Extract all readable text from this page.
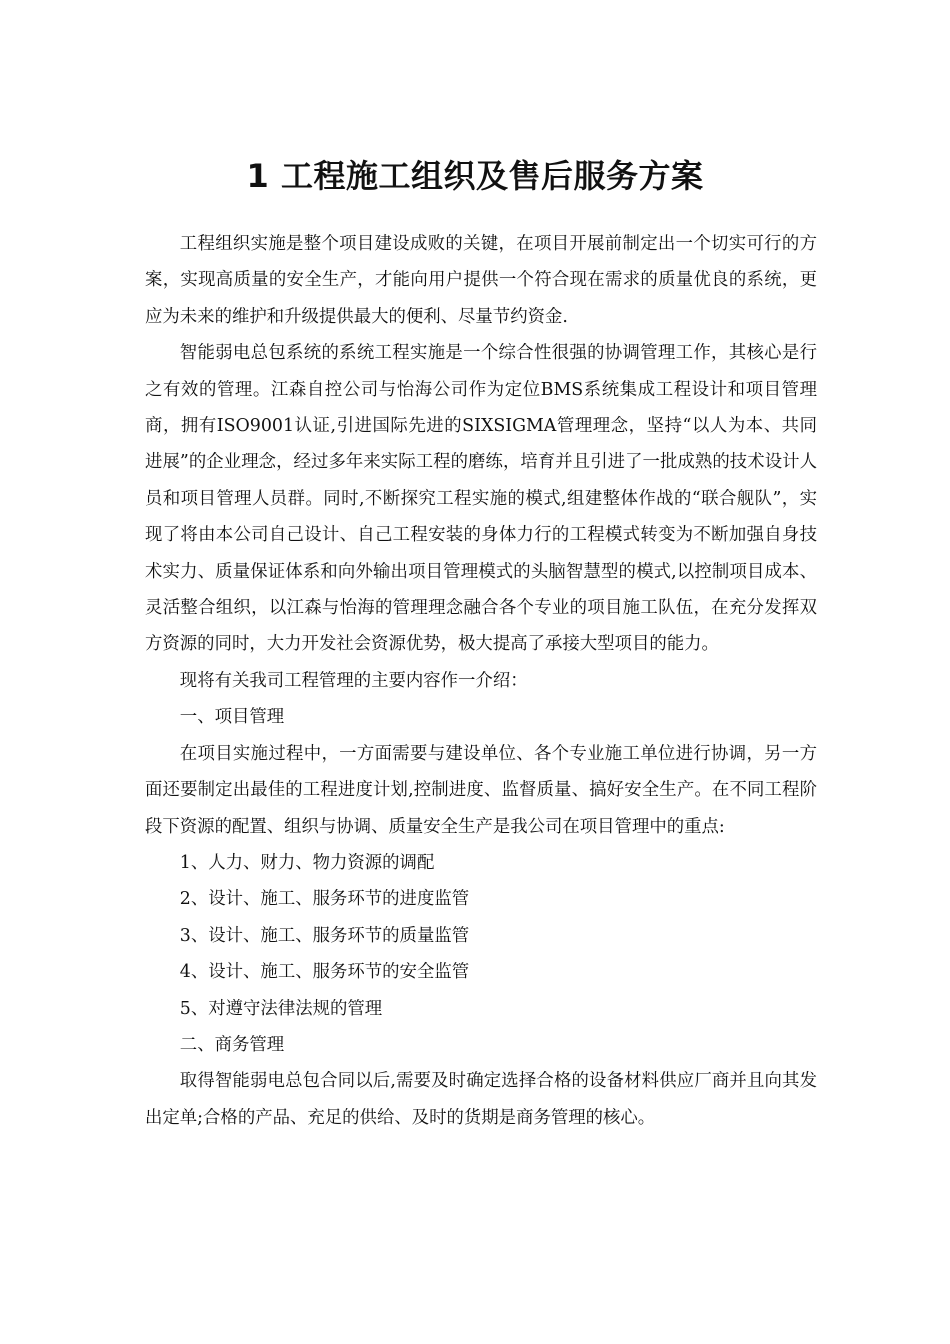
1 工程施工组织及售后服务方案

工程组织实施是整个项目建设成败的关键，在项目开展前制定出一个切实可行的方案，实现高质量的安全生产，才能向用户提供一个符合现在需求的质量优良的系统，更应为未来的维护和升级提供最大的便利、尽量节约资金.

智能弱电总包系统的系统工程实施是一个综合性很强的协调管理工作，其核心是行之有效的管理。江森自控公司与怡海公司作为定位BMS系统集成工程设计和项目管理商，拥有ISO9001认证,引进国际先进的SIXSIGMA管理理念，坚持“以人为本、共同进展”的企业理念，经过多年来实际工程的磨练，培育并且引进了一批成熟的技术设计人员和项目管理人员群。同时,不断探究工程实施的模式,组建整体作战的“联合舰队”，实现了将由本公司自己设计、自己工程安装的身体力行的工程模式转变为不断加强自身技术实力、质量保证体系和向外输出项目管理模式的头脑智慧型的模式,以控制项目成本、灵活整合组织，以江森与怡海的管理理念融合各个专业的项目施工队伍，在充分发挥双方资源的同时，大力开发社会资源优势，极大提高了承接大型项目的能力。

现将有关我司工程管理的主要内容作一介绍：

一、项目管理

在项目实施过程中，一方面需要与建设单位、各个专业施工单位进行协调，另一方面还要制定出最佳的工程进度计划,控制进度、监督质量、搞好安全生产。在不同工程阶段下资源的配置、组织与协调、质量安全生产是我公司在项目管理中的重点:

1、人力、财力、物力资源的调配

2、设计、施工、服务环节的进度监管

3、设计、施工、服务环节的质量监管

4、设计、施工、服务环节的安全监管

5、对遵守法律法规的管理

二、商务管理

取得智能弱电总包合同以后,需要及时确定选择合格的设备材料供应厂商并且向其发出定单;合格的产品、充足的供给、及时的货期是商务管理的核心。
